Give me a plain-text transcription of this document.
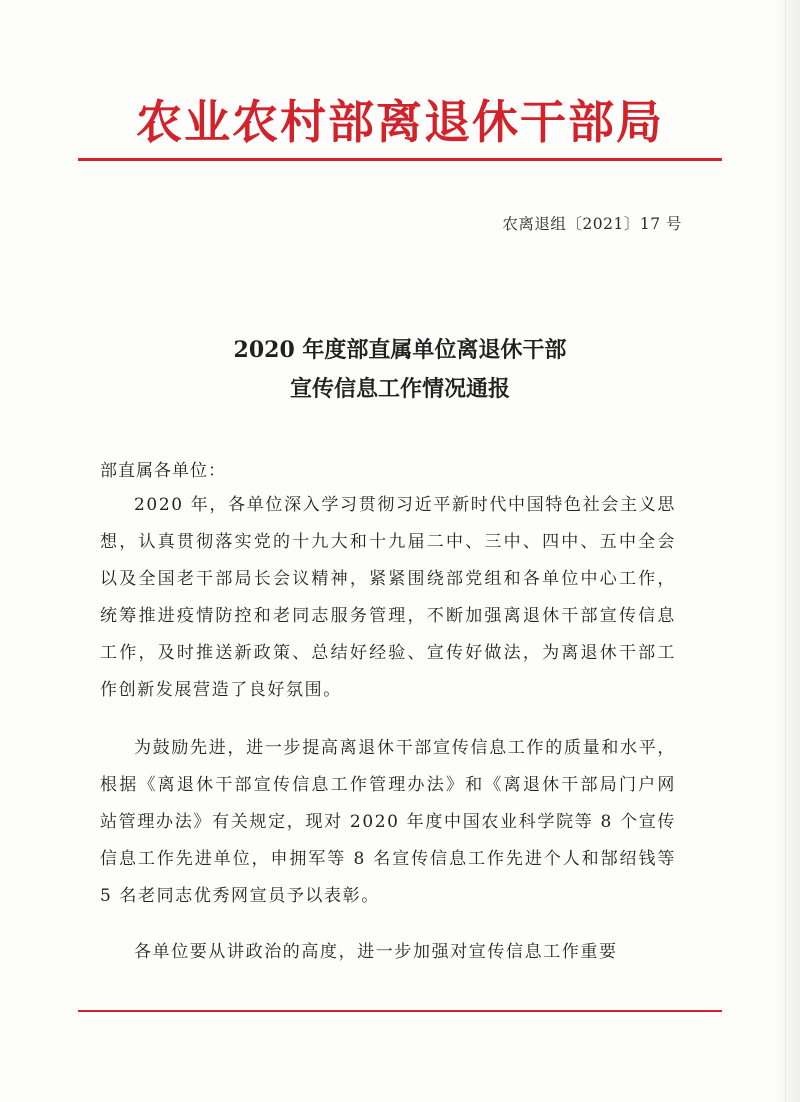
农业农村部离退休干部局
农离退组〔2021〕17 号
2020 年度部直属单位离退休干部
宣传信息工作情况通报
部直属各单位：
2020 年，各单位深入学习贯彻习近平新时代中国特色社会主义思想，认真贯彻落实党的十九大和十九届二中、三中、四中、五中全会以及全国老干部局长会议精神，紧紧围绕部党组和各单位中心工作，统筹推进疫情防控和老同志服务管理，不断加强离退休干部宣传信息工作，及时推送新政策、总结好经验、宣传好做法，为离退休干部工作创新发展营造了良好氛围。
为鼓励先进，进一步提高离退休干部宣传信息工作的质量和水平，根据《离退休干部宣传信息工作管理办法》和《离退休干部局门户网站管理办法》有关规定，现对 2020 年度中国农业科学院等 8 个宣传信息工作先进单位，申拥军等 8 名宣传信息工作先进个人和郜绍钱等 5 名老同志优秀网宣员予以表彰。
各单位要从讲政治的高度，进一步加强对宣传信息工作重要
